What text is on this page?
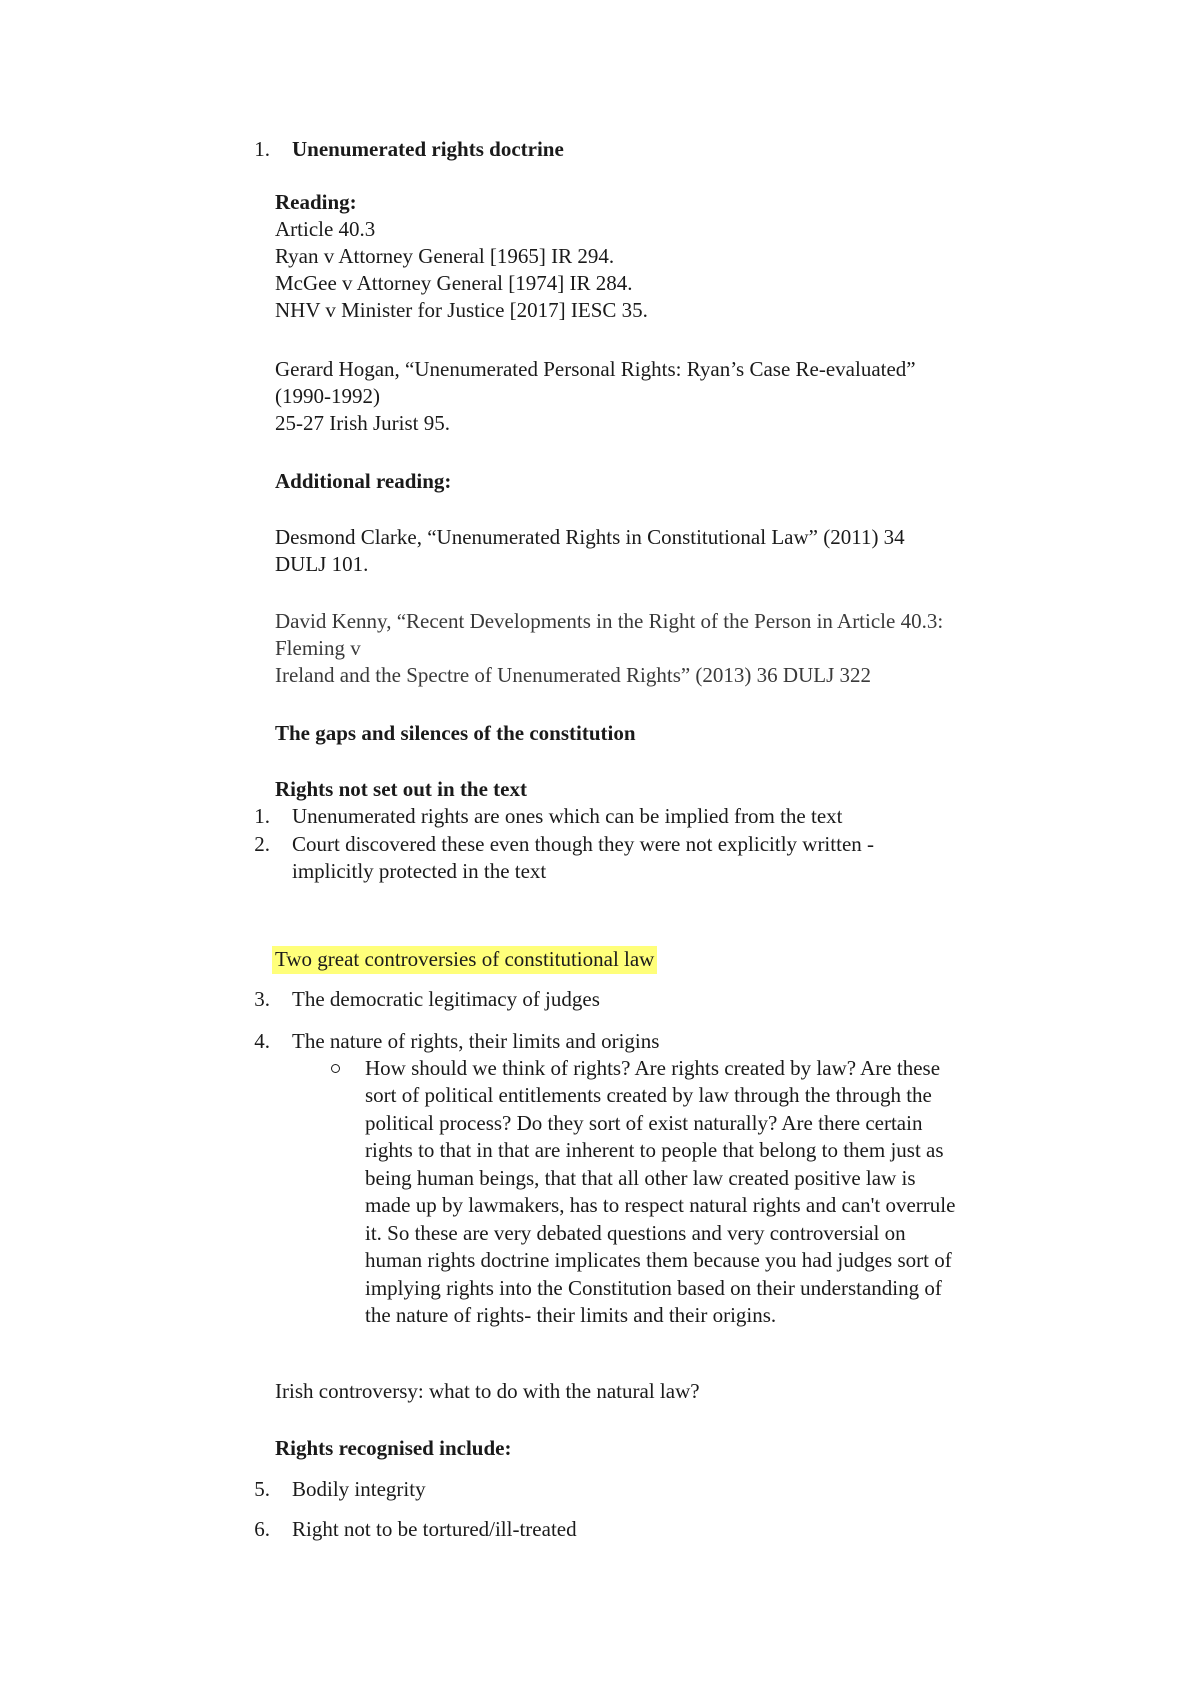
1. Unenumerated rights doctrine
Reading:
Article 40.3
Ryan v Attorney General [1965] IR 294.
McGee v Attorney General [1974] IR 284.
NHV v Minister for Justice [2017] IESC 35.
Gerard Hogan, “Unenumerated Personal Rights: Ryan’s Case Re-evaluated”
(1990-1992)
25-27 Irish Jurist 95.
Additional reading:
Desmond Clarke, “Unenumerated Rights in Constitutional Law” (2011) 34
DULJ 101.
David Kenny, “Recent Developments in the Right of the Person in Article 40.3:
Fleming v
Ireland and the Spectre of Unenumerated Rights” (2013) 36 DULJ 322
The gaps and silences of the constitution
Rights not set out in the text
1. Unenumerated rights are ones which can be implied from the text
2. Court discovered these even though they were not explicitly written -
implicitly protected in the text
Two great controversies of constitutional law
3. The democratic legitimacy of judges
4. The nature of rights, their limits and origins
How should we think of rights? Are rights created by law? Are these
sort of political entitlements created by law through the through the
political process? Do they sort of exist naturally? Are there certain
rights to that in that are inherent to people that belong to them just as
being human beings, that that all other law created positive law is
made up by lawmakers, has to respect natural rights and can't overrule
it. So these are very debated questions and very controversial on
human rights doctrine implicates them because you had judges sort of
implying rights into the Constitution based on their understanding of
the nature of rights- their limits and their origins.
Irish controversy: what to do with the natural law?
Rights recognised include:
5. Bodily integrity
6. Right not to be tortured/ill-treated
